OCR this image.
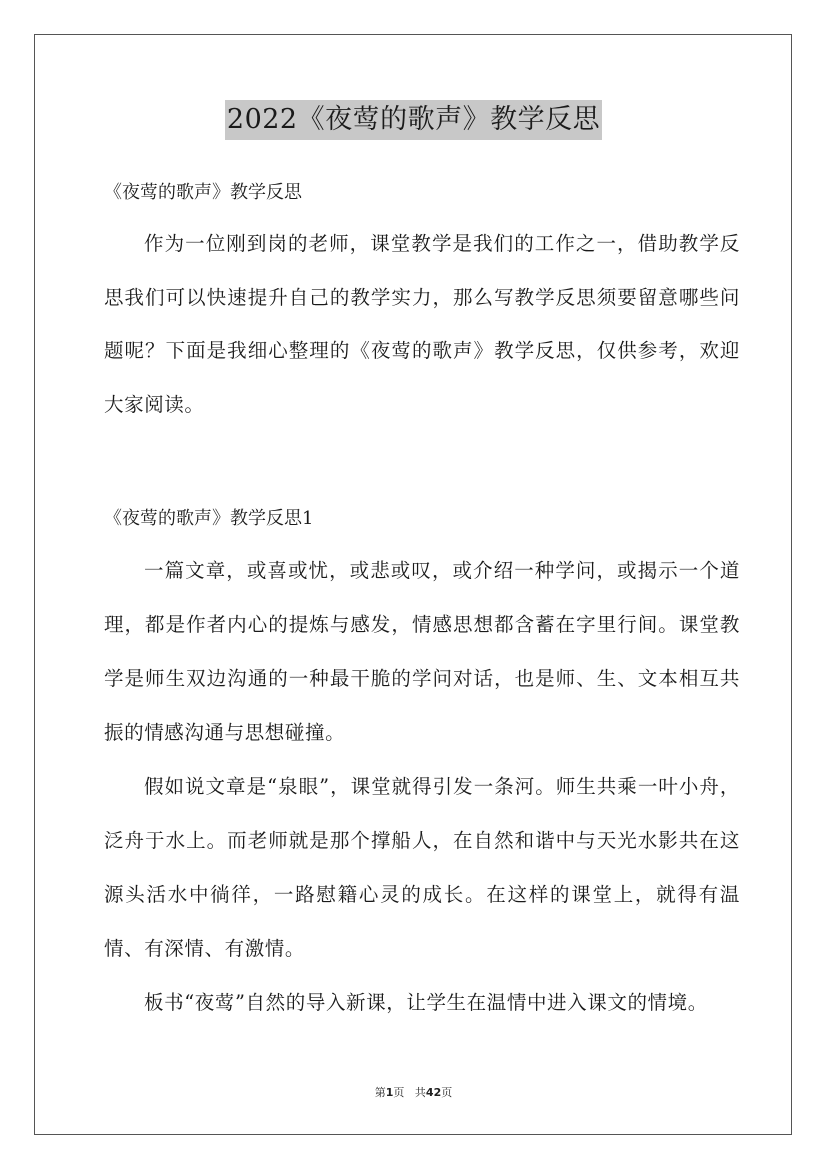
2022《夜莺的歌声》教学反思
《夜莺的歌声》教学反思

作为一位刚到岗的老师，课堂教学是我们的工作之一，借助教学反思我们可以快速提升自己的教学实力，那么写教学反思须要留意哪些问题呢？下面是我细心整理的《夜莺的歌声》教学反思，仅供参考，欢迎大家阅读。

《夜莺的歌声》教学反思1

一篇文章，或喜或忧，或悲或叹，或介绍一种学问，或揭示一个道理，都是作者内心的提炼与感发，情感思想都含蓄在字里行间。课堂教学是师生双边沟通的一种最干脆的学问对话，也是师、生、文本相互共振的情感沟通与思想碰撞。

假如说文章是“泉眼”，课堂就得引发一条河。师生共乘一叶小舟，泛舟于水上。而老师就是那个撑船人，在自然和谐中与天光水影共在这源头活水中徜徉，一路慰籍心灵的成长。在这样的课堂上，就得有温情、有深情、有激情。

板书“夜莺”自然的导入新课，让学生在温情中进入课文的情境。

第1页 共42页
